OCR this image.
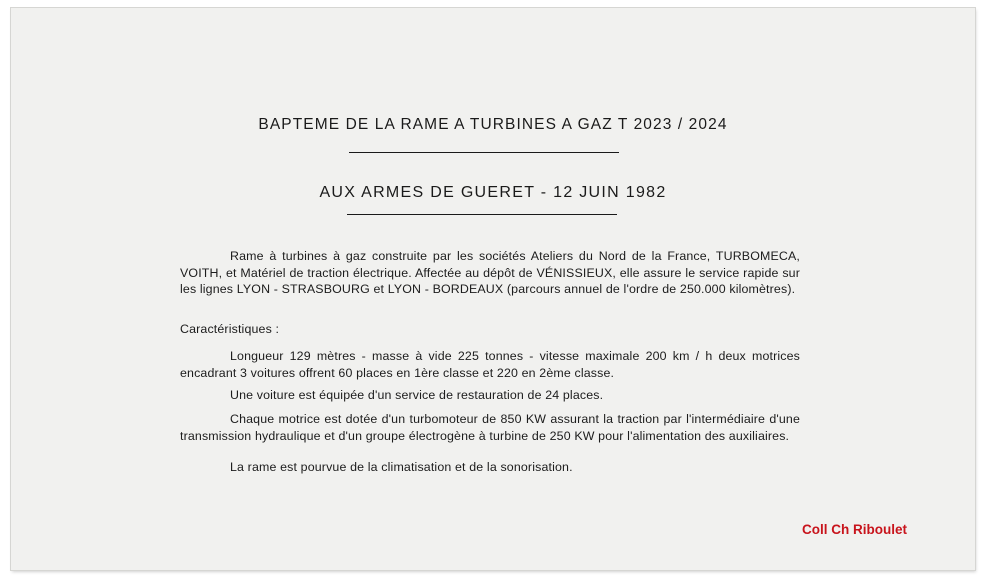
BAPTEME DE LA RAME A TURBINES A GAZ T 2023 / 2024
AUX ARMES DE GUERET - 12 JUIN 1982

Rame à turbines à gaz construite par les sociétés Ateliers du Nord de la France, TURBOMECA, VOITH, et Matériel de traction électrique. Affectée au dépôt de VÉNISSIEUX, elle assure le service rapide sur les lignes LYON - STRASBOURG et LYON - BORDEAUX (parcours annuel de l'ordre de 250.000 kilomètres).

Caractéristiques :

Longueur 129 mètres - masse à vide 225 tonnes - vitesse maximale 200 km / h deux motrices encadrant 3 voitures offrent 60 places en 1ère classe et 220 en 2ème classe.

Une voiture est équipée d'un service de restauration de 24 places.

Chaque motrice est dotée d'un turbomoteur de 850 KW assurant la traction par l'intermédiaire d'une transmission hydraulique et d'un groupe électrogène à turbine de 250 KW pour l'alimentation des auxiliaires.

La rame est pourvue de la climatisation et de la sonorisation.

Coll Ch Riboulet
